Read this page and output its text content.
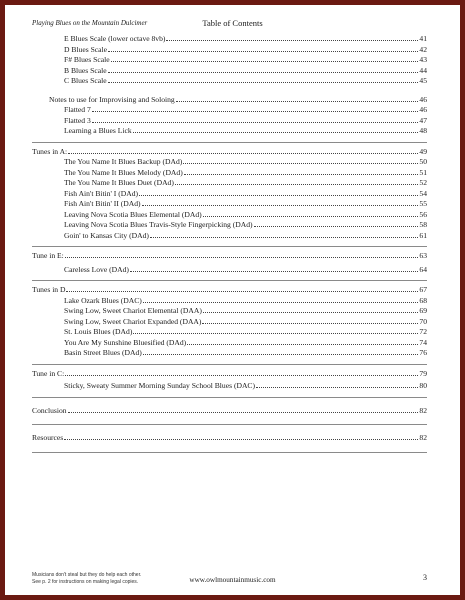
Playing Blues on the Mountain Dulcimer	Table of Contents
E Blues Scale (lower octave 8vb)	41
D Blues Scale	42
F# Blues Scale	43
B Blues Scale	44
C Blues Scale	45
Notes to use for Improvising and Soloing	46
Flatted 7	46
Flatted 3	47
Learning a Blues Lick	48
Tunes in A:	49
The You Name It Blues Backup (DAd)	50
The You Name It Blues Melody (DAd)	51
The You Name It Blues Duet (DAd)	52
Fish Ain't Bitin' I (DAd)	54
Fish Ain't Bitin' II (DAd)	55
Leaving Nova Scotia Blues Elemental (DAd)	56
Leaving Nova Scotia Blues Travis-Style Fingerpicking (DAd)	58
Goin' to Kansas City (DAd)	61
Tune in E:	63
Careless Love (DAd)	64
Tunes in D	67
Lake Ozark Blues (DAC)	68
Swing Low, Sweet Chariot Elemental (DAA)	69
Swing Low, Sweet Chariot Expanded (DAA)	70
St. Louis Blues (DAd)	72
You Are My Sunshine Bluesified (DAd)	74
Basin Street Blues (DAd)	76
Tune in C:	79
Sticky, Sweaty Summer Morning Sunday School Blues (DAC)	80
Conclusion	82
Resources	82
Musicians don't steal but they do help each other.
See p. 2 for instructions on making legal copies.	www.owlmountainmusic.com	3
